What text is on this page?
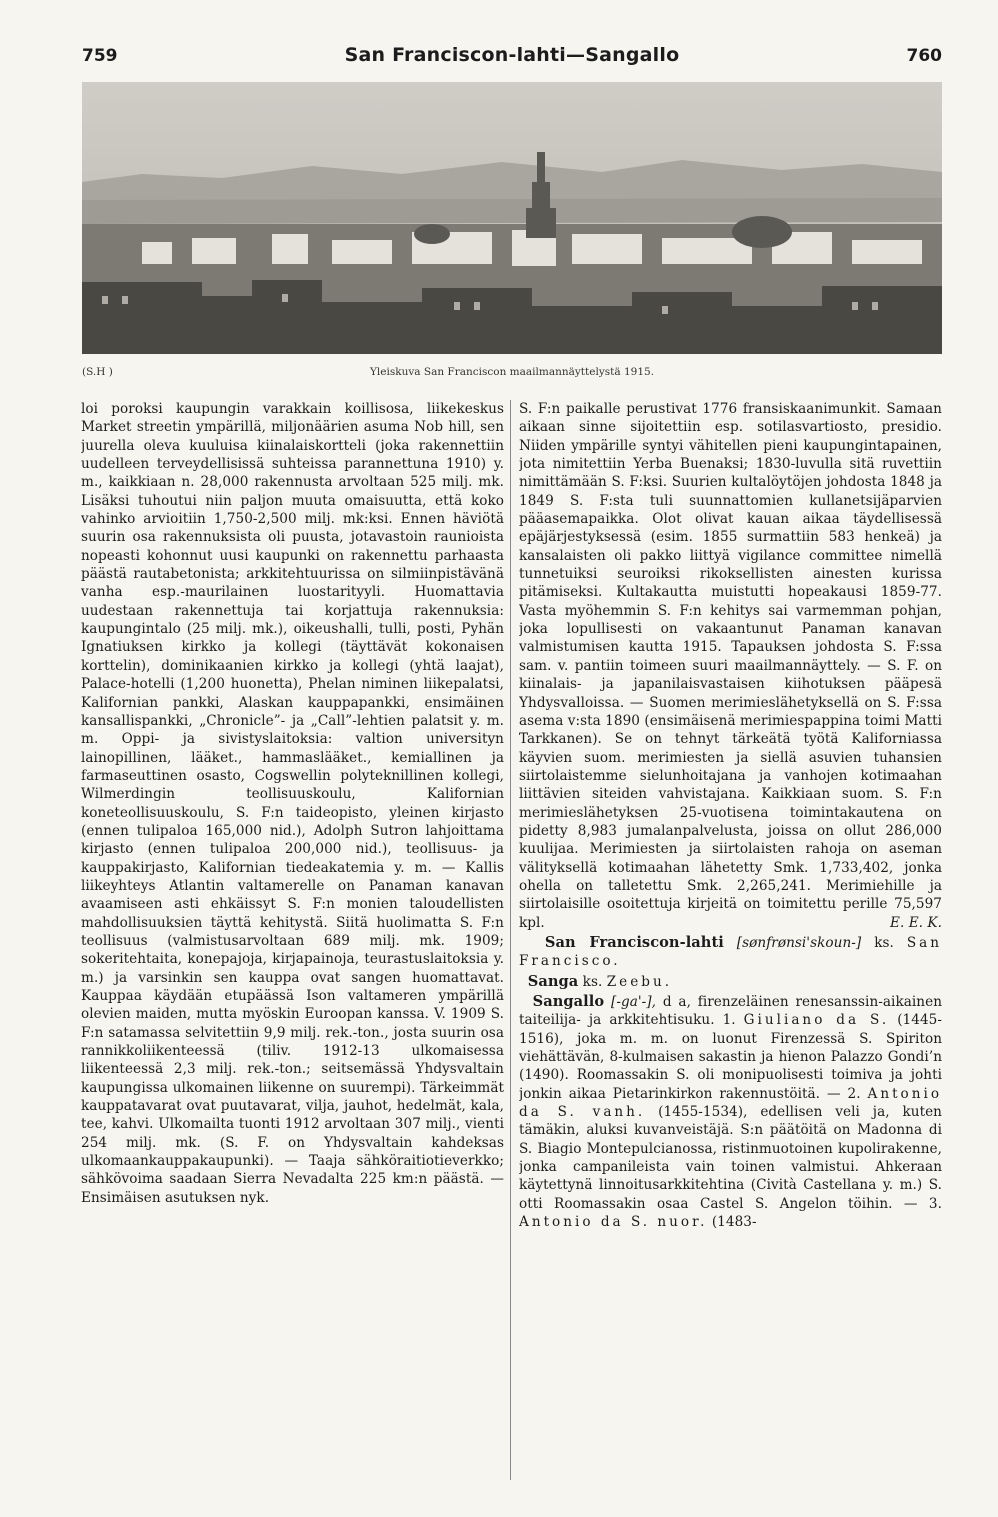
759	San Franciscon-lahti—Sangallo	760
(S.H )	Yleiskuva San Franciscon maailmannäyttelystä 1915.

loi poroksi kaupungin varakkain koillisosa, liikekeskus Market streetin ympärillä, miljonäärien asuma Nob hill, sen juurella oleva kuuluisa kiinalaiskortteli (joka rakennettiin uudelleen terveydellisissä suhteissa parannettuna 1910) y. m., kaikkiaan n. 28,000 rakennusta arvoltaan 525 milj. mk. Lisäksi tuhoutui niin paljon muuta omaisuutta, että koko vahinko arvioitiin 1,750-2,500 milj. mk:ksi. Ennen häviötä suurin osa rakennuksista oli puusta, jotavastoin raunioista nopeasti kohonnut uusi kaupunki on rakennettu parhaasta päästä rautabetonista; arkkitehtuurissa on silmiinpistävänä vanha esp.-maurilainen luostarityyli. Huomattavia uudestaan rakennettuja tai korjattuja rakennuksia: kaupungintalo (25 milj. mk.), oikeushalli, tulli, posti, Pyhän Ignatiuksen kirkko ja kollegi (täyttävät kokonaisen korttelin), dominikaanien kirkko ja kollegi (yhtä laajat), Palace-hotelli (1,200 huonetta), Phelan niminen liikepalatsi, Kalifornian pankki, Alaskan kauppapankki, ensimäinen kansallispankki, „Chronicle”- ja „Call”-lehtien palatsit y. m. m. Oppi- ja sivistyslaitoksia: valtion universityn lainopillinen, lääket., hammaslääket., kemiallinen ja farmaseuttinen osasto, Cogswellin polyteknillinen kollegi, Wilmerdingin teollisuuskoulu, Kalifornian koneteollisuuskoulu, S. F:n taideopisto, yleinen kirjasto (ennen tulipaloa 165,000 nid.), Adolph Sutron lahjoittama kirjasto (ennen tulipaloa 200,000 nid.), teollisuus- ja kauppakirjasto, Kalifornian tiedeakatemia y. m. — Kallis liikeyhteys Atlantin valtamerelle on Panaman kanavan avaamiseen asti ehkäissyt S. F:n monien taloudellisten mahdollisuuksien täyttä kehitystä. Siitä huolimatta S. F:n teollisuus (valmistusarvoltaan 689 milj. mk. 1909; sokeritehtaita, konepajoja, kirjapainoja, teurastuslaitoksia y. m.) ja varsinkin sen kauppa ovat sangen huomattavat. Kauppaa käydään etupäässä Ison valtameren ympärillä olevien maiden, mutta myöskin Euroopan kanssa. V. 1909 S. F:n satamassa selvitettiin 9,9 milj. rek.-ton., josta suurin osa rannikkoliikenteessä (tiliv. 1912-13 ulkomaisessa liikenteessä 2,3 milj. rek.-ton.; seitsemässä Yhdysvaltain kaupungissa ulkomainen liikenne on suurempi). Tärkeimmät kauppatavarat ovat puutavarat, vilja, jauhot, hedelmät, kala, tee, kahvi. Ulkomailta tuonti 1912 arvoltaan 307 milj., vienti 254 milj. mk. (S. F. on Yhdysvaltain kahdeksas ulkomaankauppakaupunki). — Taaja sähköraitiotieverkko; sähkövoima saadaan Sierra Nevadalta 225 km:n päästä. — Ensimäisen asutuksen nyk.

S. F:n paikalle perustivat 1776 fransiskaanimunkit. Samaan aikaan sinne sijoitettiin esp. sotilasvartiosto, presidio. Niiden ympärille syntyi vähitellen pieni kaupungintapainen, jota nimitettiin Yerba Buenaksi; 1830-luvulla sitä ruvettiin nimittämään S. F:ksi. Suurien kultalöytöjen johdosta 1848 ja 1849 S. F:sta tuli suunnattomien kullanetsijäparvien pääasemapaikka. Olot olivat kauan aikaa täydellisessä epäjärjestyksessä (esim. 1855 surmattiin 583 henkeä) ja kansalaisten oli pakko liittyä vigilance committee nimellä tunnetuiksi seuroiksi rikoksellisten ainesten kurissa pitämiseksi. Kultakautta muistutti hopeakausi 1859-77. Vasta myöhemmin S. F:n kehitys sai varmemman pohjan, joka lopullisesti on vakaantunut Panaman kanavan valmistumisen kautta 1915. Tapauksen johdosta S. F:ssa sam. v. pantiin toimeen suuri maailmannäyttely. — S. F. on kiinalais- ja japanilaisvastaisen kiihotuksen pääpesä Yhdysvalloissa. — Suomen merimieslähetyksellä on S. F:ssa asema v:sta 1890 (ensimäisenä merimiespappina toimi Matti Tarkkanen). Se on tehnyt tärkeätä työtä Kaliforniassa käyvien suom. merimiesten ja siellä asuvien tuhansien siirtolaistemme sielunhoitajana ja vanhojen kotimaahan liittävien siteiden vahvistajana. Kaikkiaan suom. S. F:n merimieslähetyksen 25-vuotisena toimintakautena on pidetty 8,983 jumalanpalvelusta, joissa on ollut 286,000 kuulijaa. Merimiesten ja siirtolaisten rahoja on aseman välityksellä kotimaahan lähetetty Smk. 1,733,402, jonka ohella on talletettu Smk. 2,265,241. Merimiehille ja siirtolaisille osoitettuja kirjeitä on toimitettu perille 75,597 kpl.	E. E. K.

San Franciscon-lahti [sønfrønsi'skoun-] ks. San Francisco.

Sanga ks. Zeebu.

Sangallo [-ga'-], d a, firenzeläinen renesanssin-aikainen taiteilija- ja arkkitehtisuku. 1. Giuliano da S. (1445-1516), joka m. m. on luonut Firenzessä S. Spiriton viehättävän, 8-kulmaisen sakastin ja hienon Palazzo Gondi’n (1490). Roomassakin S. oli monipuolisesti toimiva ja johti jonkin aikaa Pietarinkirkon rakennustöitä. — 2. Antonio da S. vanh. (1455-1534), edellisen veli ja, kuten tämäkin, aluksi kuvanveistäjä. S:n päätöitä on Madonna di S. Biagio Montepulcianossa, ristinmuotoinen kupolirakenne, jonka campanileista vain toinen valmistui. Ahkeraan käytettynä linnoitusarkkitehtina (Cività Castellana y. m.) S. otti Roomassakin osaa Castel S. Angelon töihin. — 3. Antonio da S. nuor. (1483-
